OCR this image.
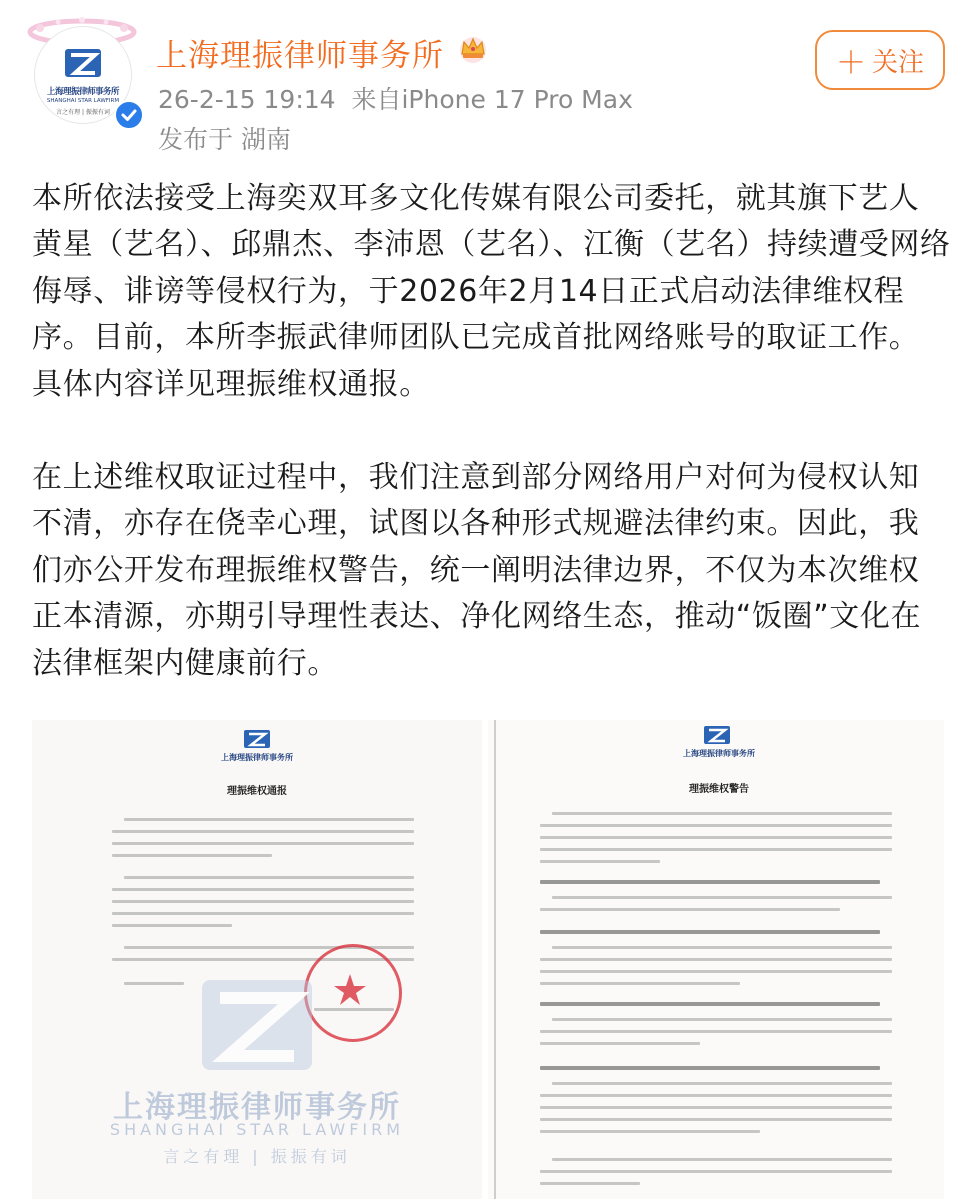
上海理振律师事务所
SHANGHAI STAR LAWFIRM
言之有理 | 振振有词
上海理振律师事务所
26-2-15 19:14 来自iPhone 17 Pro Max
发布于 湖南
＋ 关注
本所依法接受上海奕双耳多文化传媒有限公司委托，就其旗下艺人
黄星（艺名）、邱鼎杰、李沛恩（艺名）、江衡（艺名）持续遭受网络
侮辱、诽谤等侵权行为，于2026年2月14日正式启动法律维权程
序。目前，本所李振武律师团队已完成首批网络账号的取证工作。
具体内容详见理振维权通报。
在上述维权取证过程中，我们注意到部分网络用户对何为侵权认知
不清，亦存在侥幸心理，试图以各种形式规避法律约束。因此，我
们亦公开发布理振维权警告，统一阐明法律边界，不仅为本次维权
正本清源，亦期引导理性表达、净化网络生态，推动“饭圈”文化在
法律框架内健康前行。
上海理振律师事务所
理振维权通报
上海理振律师事务所
SHANGHAI STAR LAWFIRM
言之有理 | 振振有词
上海理振律师事务所
理振维权警告
